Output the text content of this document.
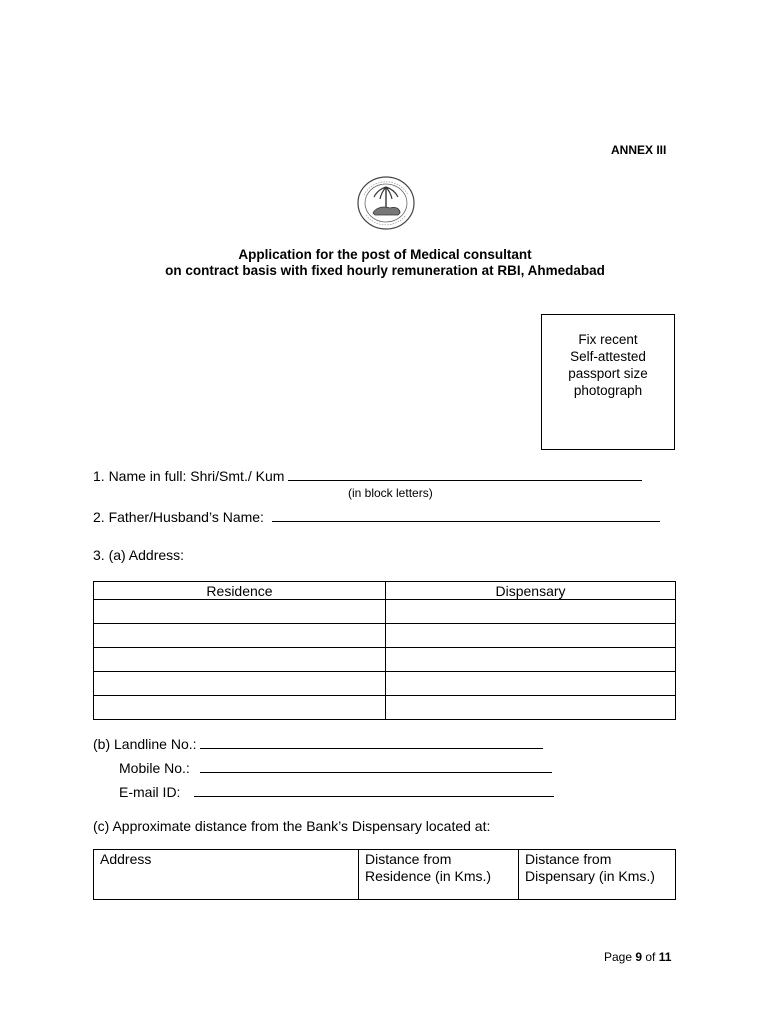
ANNEX III
Application for the post of Medical consultant
on contract basis with fixed hourly remuneration at RBI, Ahmedabad
Fix recent
Self-attested
passport size
photograph
1. Name in full: Shri/Smt./ Kum
(in block letters)
2. Father/Husband’s Name:
3. (a) Address:
Residence	Dispensary

(b) Landline No.:
Mobile No.:
E-mail ID:
(c) Approximate distance from the Bank’s Dispensary located at:
Address	Distance from Residence (in Kms.)	Distance from Dispensary (in Kms.)
Page 9 of 11
